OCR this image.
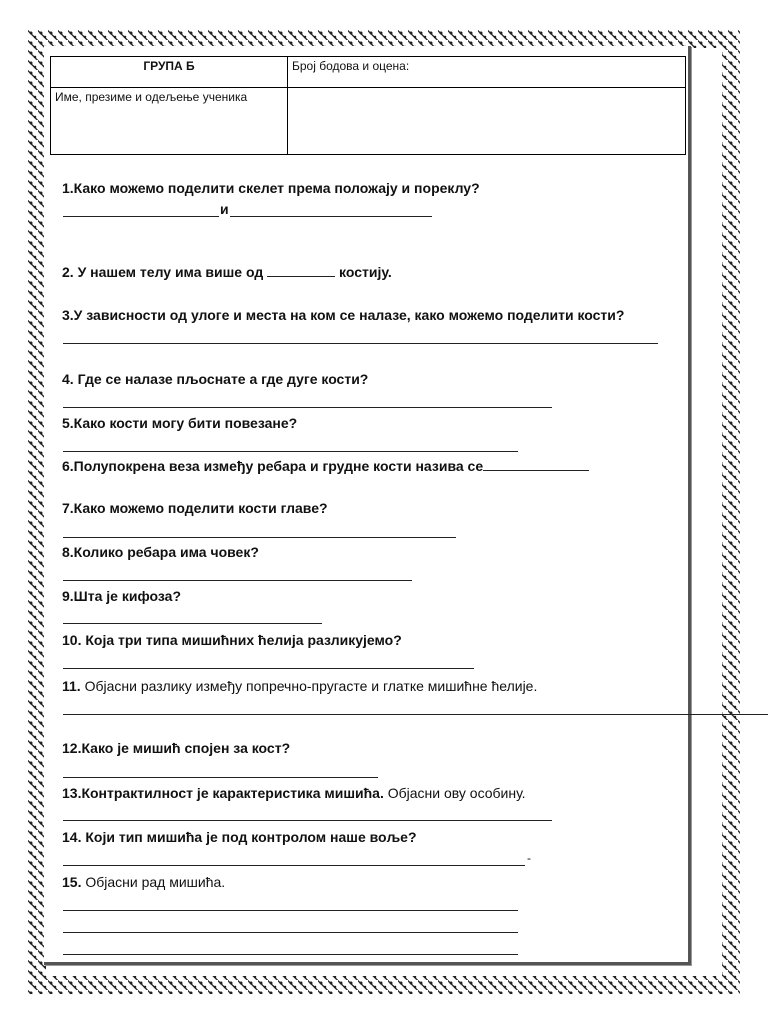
ГРУПА Б	Број бодова и оцена:
Име, презиме и одељење ученика	
1.Како можемо поделити скелет према положају и пореклу?
и
2. У нашем телу има више од	костију.
3.У зависности од улоге и места на ком се налазе, како можемо поделити кости?
4. Где се налазе пљоснате а где дуге кости?
5.Како кости могу бити повезане?
6.Полупокрена веза између ребара и грудне кости назива се
7.Како можемо поделити кости главе?
8.Колико ребара има човек?
9.Шта је кифоза?
10. Која три типа мишићних ћелија разликујемо?
11. Објасни разлику између попречно-пругасте и глатке мишићне ћелије.
12.Како је мишић спојен за кост?
13.Контрактилност је карактеристика мишића. Објасни ову особину.
14. Који тип мишића је под контролом наше воље?
-
15. Објасни рад мишића.
